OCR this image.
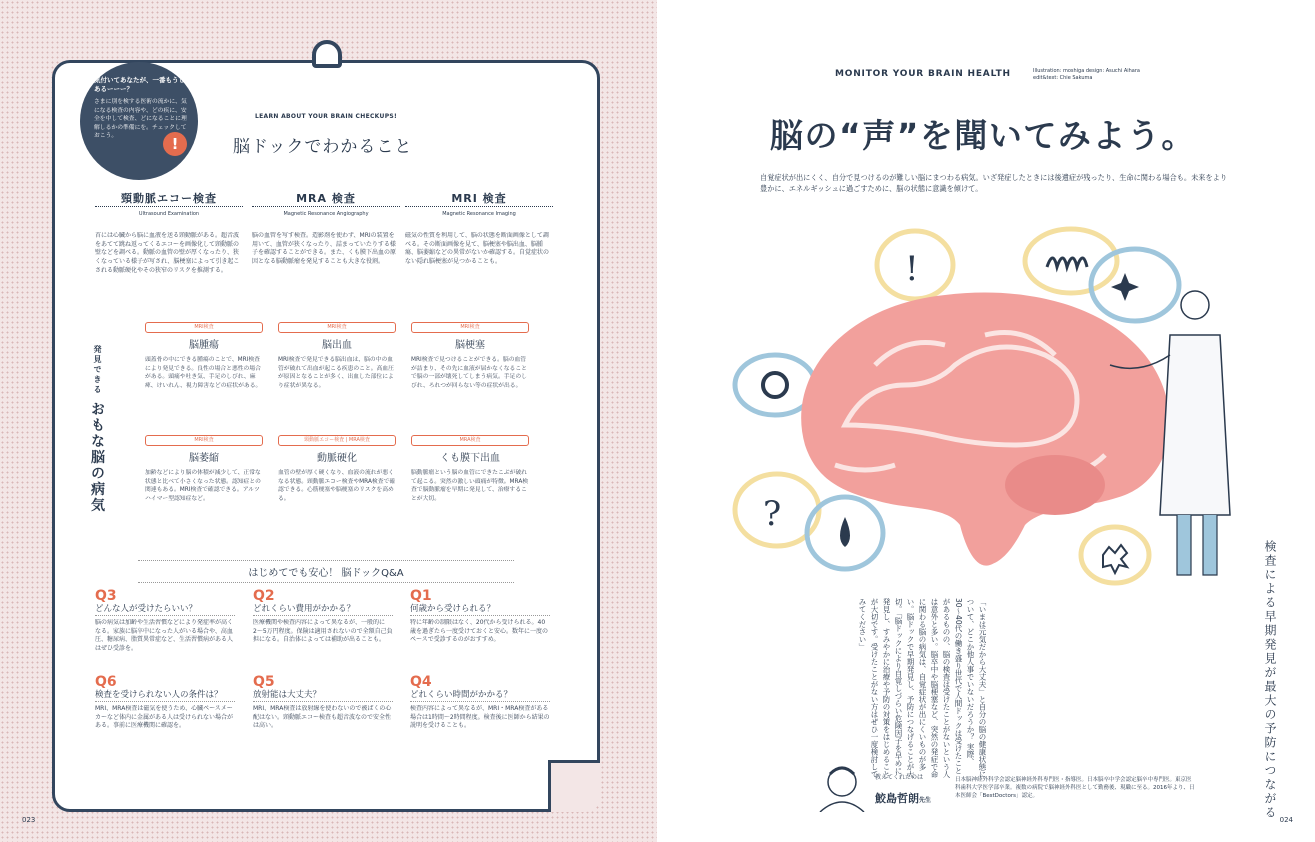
気付いてあなたが、一番もうしあるーーー？

さまに別を検する医術の流かに、気になる検査の内容や、どの疾に、安全を中して検査、どになることに理解しるかの準備にを。チェックしておこう。	!
LEARN ABOUT YOUR BRAIN CHECKUPS!
脳ドックでわかること
頸動脈エコー検査
Ultrasound Examination
首には心臓から脳に血液を送る頸動脈がある。超音波をあてて跳ね返ってくるエコーを画像化して頸動脈の壁などを調べる。動脈の血管の壁が厚くなったり、狭くなっている様子が写され、脳梗塞によって引き起こされる動脈硬化やその狭窄のリスクを推測する。
MRA 検査
Magnetic Resonance Angiography
脳の血管を写す検査。造影剤を使わず、MRIの装置を用いて、血管が狭くなったり、詰まっていたりする様子を確認することができる。また、くも膜下出血の原因となる脳動脈瘤を発見することも大きな役割。
MRI 検査
Magnetic Resonance Imaging
磁気の性質を利用して、脳の状態を断面画像として調べる。その断面画像を見て、脳梗塞や脳出血、脳腫瘍、脳萎縮などの異常がないか確認する。自覚症状のない隠れ脳梗塞が見つかることも。
発見できる おもな脳の病気
MRI検査
脳腫瘍
頭蓋骨の中にできる腫瘍のことで、MRI検査により発見できる。良性の場合と悪性の場合がある。頭痛や吐き気、手足のしびれ、麻痺、けいれん、視力障害などの症状がある。
MRI検査
脳出血
MRI検査で発見できる脳出血は、脳の中の血管が破れて出血が起こる疾患のこと。高血圧が原因となることが多く、出血した部位により症状が異なる。
MRI検査
脳梗塞
MRI検査で見つけることができる。脳の血管が詰まり、その先に血液が届かなくなることで脳の一部が壊死してしまう病気。手足のしびれ、ろれつが回らない等の症状が出る。
MRI検査
脳萎縮
加齢などにより脳の体積が減少して、正常な状態と比べて小さくなった状態。認知症との関連もある。MRI検査で確認できる。アルツハイマー型認知症など。
頸動脈エコー検査 | MRA検査
動脈硬化
血管の壁が厚く硬くなり、血液の流れが悪くなる状態。頸動脈エコー検査やMRA検査で確認できる。心筋梗塞や脳梗塞のリスクを高める。
MRA検査
くも膜下出血
脳動脈瘤という脳の血管にできたこぶが破れて起こる。突然の激しい頭痛が特徴。MRA検査で脳動脈瘤を早期に発見して、治療することが大切。
はじめてでも安心！ 脳ドックQ&A
Q3
どんな人が受けたらいい？
脳の病気は加齢や生活習慣などにより発症率が高くなる。家族に脳卒中になった人がいる場合や、高血圧、糖尿病、脂質異常症など、生活習慣病がある人はぜひ受診を。
Q2
どれくらい費用がかかる？
医療機関や検査内容によって異なるが、一般的に2〜5万円程度。保険は適用されないので全額自己負担になる。自治体によっては補助が出ることも。
Q1
何歳から受けられる？
特に年齢の制限はなく、20代から受けられる。40歳を過ぎたら一度受けておくと安心。数年に一度のペースで受診するのがおすすめ。
Q6
検査を受けられない人の条件は？
MRI、MRA検査は磁気を使うため、心臓ペースメーカーなど体内に金属がある人は受けられない場合がある。事前に医療機関に確認を。
Q5
放射能は大丈夫？
MRI、MRA検査は放射線を使わないので被ばくの心配はない。頸動脈エコー検査も超音波なので安全性は高い。
Q4
どれくらい時間がかかる？
検査内容によって異なるが、MRI・MRA検査がある場合は1時間〜2時間程度。検査後に医師から結果の説明を受けることも。
023
MONITOR YOUR BRAIN HEALTH	Illustration: moshiga design: Asuchi Aihara edit&text: Chie Sakuma
脳の“声”を聞いてみよう。
自覚症状が出にくく、自分で見つけるのが難しい脳にまつわる病気。いざ発症したときには後遺症が残ったり、生命に関わる場合も。未来をより豊かに、エネルギッシュに過ごすために、脳の状態に意識を傾けて。
!
?
検査による早期発見が最大の予防につながる
「いまは元気だから大丈夫」と自分の脳の健康状態について、どこか他人事でいないだろうか？ 実際、30〜40代の働き盛り世代で人間ドックは受けたことがあるものの、脳の検査は受けたことがないという人は意外と多い。脳卒中や脳梗塞など、突然の発症で命に関わる脳の病気は、自覚症状が出にくいものが多い。脳ドックで早期発見し、予防につなげることが大切。「脳ドックにより自覚しづらい危険因子を早めに発見し、すみやかに治療や予防の対策をはじめることが大切です。受けたことがない方はぜひ一度検討してみてください」
教えてくれたのは
鮫島哲朗先生
日本脳神経外科学会認定脳神経外科専門医・指導医。日本脳卒中学会認定脳卒中専門医。東京医科歯科大学医学部卒業。複数の病院で脳神経外科医として勤務後、現職に至る。2016年より、日本医師会「BestDoctors」認定。
024
